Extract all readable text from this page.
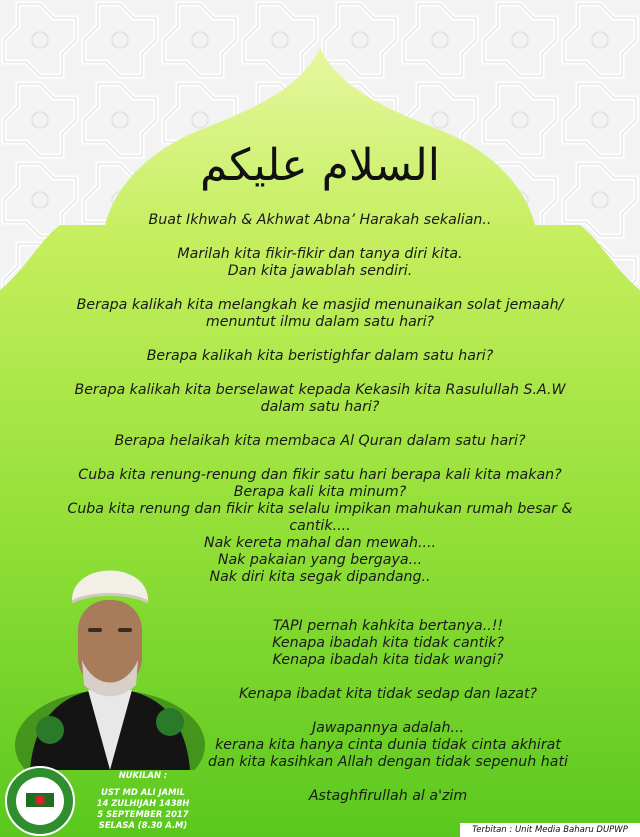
السلام عليكم

Buat Ikhwah & Akhwat Abna’ Harakah sekalian..

Marilah kita fikir-fikir dan tanya diri kita.

Dan kita jawablah sendiri.

Berapa kalikah kita melangkah ke masjid menunaikan solat jemaah/

menuntut ilmu dalam satu hari?

Berapa kalikah kita beristighfar dalam satu hari?

Berapa kalikah kita berselawat kepada Kekasih kita Rasulullah S.A.W

dalam satu hari?

Berapa helaikah kita membaca Al Quran dalam satu hari?

Cuba kita renung-renung dan fikir satu hari berapa kali kita makan?

Berapa kali kita minum?

Cuba kita renung dan fikir kita selalu impikan mahukan rumah besar &

cantik....

Nak kereta mahal dan mewah....

Nak pakaian yang bergaya...

Nak diri kita segak dipandang..

TAPI pernah kahkita bertanya..!!

Kenapa ibadah kita tidak cantik?

Kenapa ibadah kita tidak wangi?

Kenapa ibadat kita tidak sedap dan lazat?

Jawapannya adalah...

kerana kita hanya cinta dunia tidak cinta akhirat

dan kita kasihkan Allah dengan tidak sepenuh hati

Astaghfirullah al a'zim

NUKILAN :

UST MD ALI JAMIL

14 ZULHIJAH 1438H

5 SEPTEMBER 2017

SELASA (8.30 A.M)	Terbitan : Unit Media Baharu DUPWP
